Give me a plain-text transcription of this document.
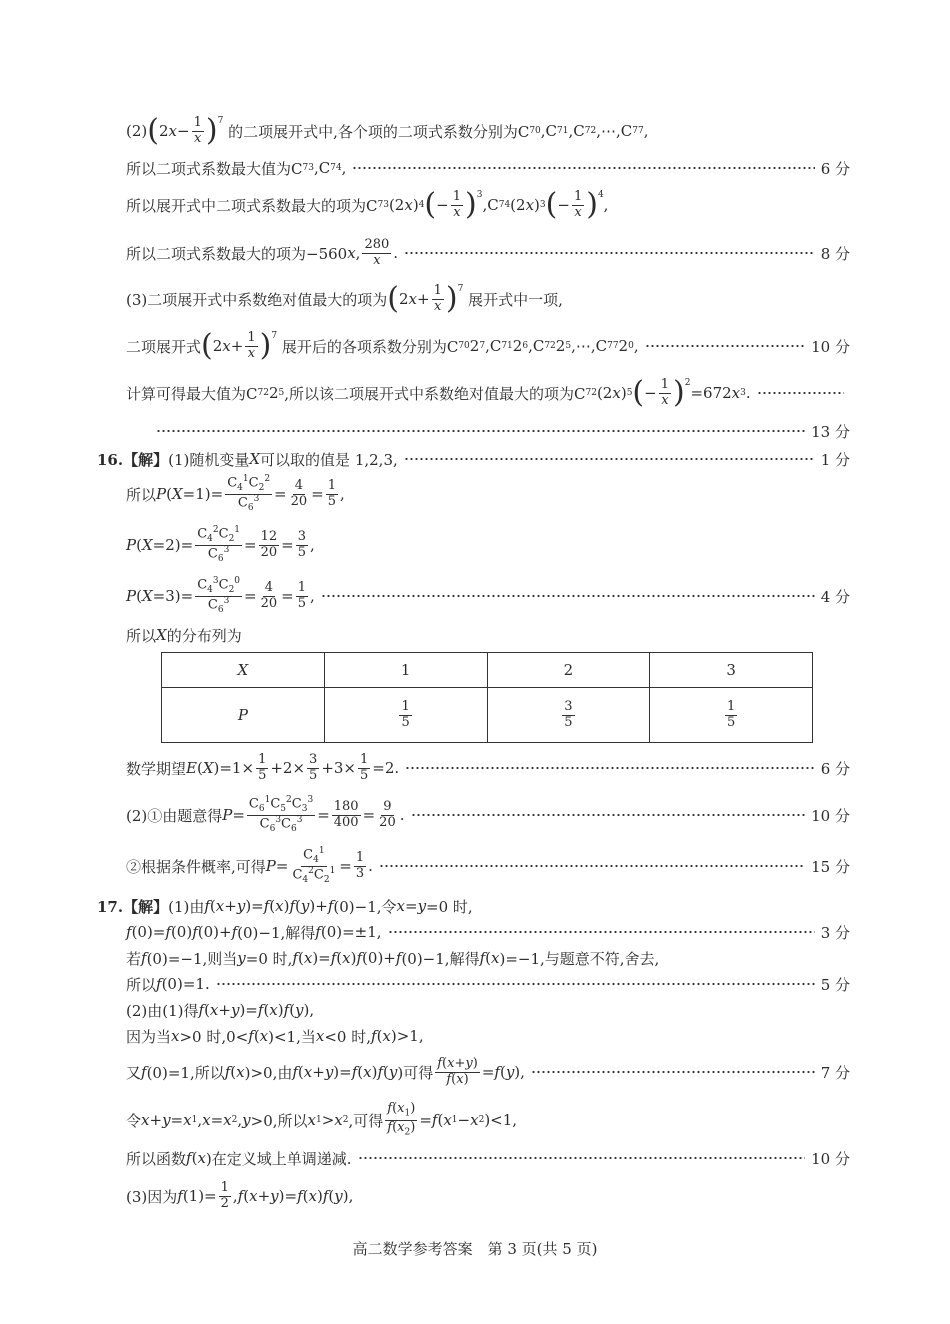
(2) ( 2 $x - \frac{1}{x} )^7$
的二项展开式中,各个项的二项式系数分别为C 7 0 ,C 7 1 ,C 7 2 ,⋯,C 7 7 ,
所以二项式系数最大值为C 7 3 ,C 7 4 ,	6 分
所以展开式中二项式系数最大的项为C 7 3 (2 x ) 4 ( − $\frac{1}{x} )^3$
,C 7 4 (2 x ) 3 ( − $\frac{1}{x} )^4$
,
所以二项式系数最大的项为−560 x , $\frac{280}{x}$ .	8 分
(3)二项展开式中系数绝对值最大的项为 ( 2 $x + \frac{1}{x} )^7$
展开式中一项,
二项展开式 ( 2 $x + \frac{1}{x} )^7$
展开后的各项系数分别为C 7 0 2 7 ,C 7 1 2 6 ,C 7 2 2 5 ,⋯,C 7 7 2 0 ,	10 分
计算可得最大值为C 7 2 2 5 ,所以该二项展开式中系数绝对值最大的项为C 7 2 (2 x ) 5 ( − $\frac{1}{x} )^2$
=672 x 3 .
13 分
16.【解】 (1)随机变量 X 可以取的值是 1,2,3,	1 分
所以 P ( $X =1)= \frac{C_4^1C_2^2}{C_6^3} = \frac{4}{20} = \frac{1}{5}$ ,
P ( $X =2)= \frac{C_4^2C_2^1}{C_6^3} = \frac{12}{20} = \frac{3}{5}$ ,
P ( $X =3)= \frac{C_4^3C_2^0}{C_6^3} = \frac{4}{20} = \frac{1}{5}$ ,	4 分
所以 X 的分布列为
X	1	2	3
P	$\frac{1}{5}$	$\frac{3}{5}$	$\frac{1}{5}$
数学期望 E ( X )$=1\times \frac{1}{5} +2\times \frac{3}{5} +3\times \frac{1}{5} =2$.	6 分
(2)①由题意得 $P = \frac{C_6^1C_5^2C_3^3}{C_6^3C_6^3} = \frac{180}{400} = \frac{9}{20}$ .	10 分
②根据条件概率,可得 $P = \frac{C_4^1}{C_4^2C_2^1} = \frac{1}{3}$ .	15 分
17.【解】 (1)由 f ( x + y )= f ( x ) f ( y )+ f (0)−1,令 x = y =0 时,
f (0)= f (0) f (0)+ f (0)−1,解得 f (0)=±1,	3 分
若 f (0)=−1,则当 y =0 时, f ( x )= f ( x ) f (0)+ f (0)−1,解得 f ( x )=−1,与题意不符,舍去,
所以 f (0)=1.	5 分
(2)由(1)得 f ( x + y )= f ( x ) f ( y ),
因为当 x >0 时,0< f ( x )<1,当 x <0 时, f ( x )>1,
又 f (0)=1,所以 f ( x )>0,由 f ( x + y )= f ( x ) f ( y )可得 $\frac{f(x+y)}{f(x)} = f$ ( y ),	7 分
令 x + y = x 1 , x = x 2 , y >0,所以 x 1 > x 2 ,可得 $\frac{f(x_1)}{f(x_2)} = f$ ( x 1 − x 2 )<1,
所以函数 f ( x )在定义域上单调递减.	10 分
(3)因为 f $(1)= \frac{1}{2}$ , f ( x + y )= f ( x ) f ( y ),
高二数学参考答案　第 3 页(共 5 页)
